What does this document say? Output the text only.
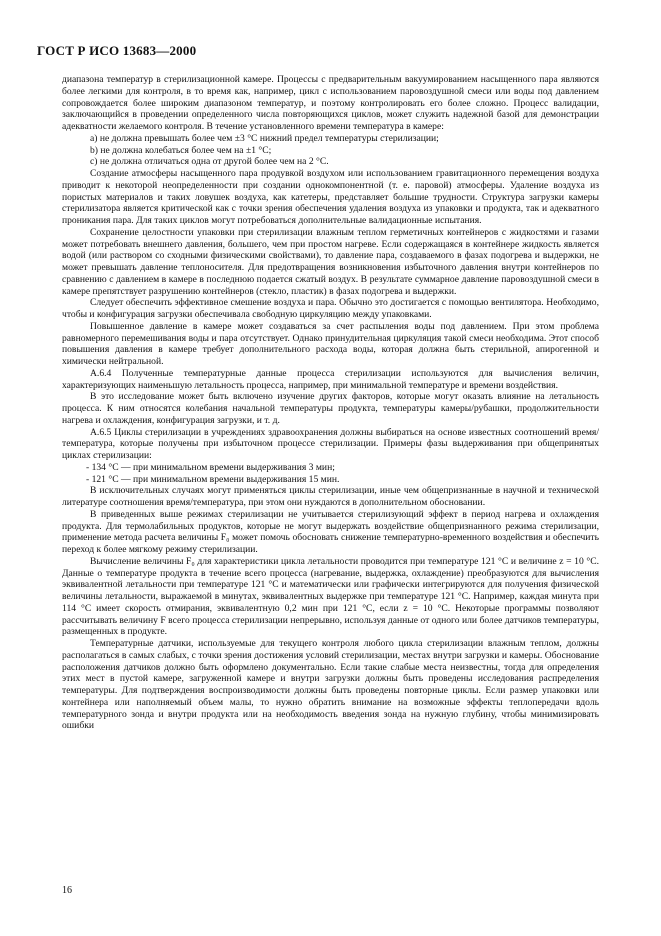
ГОСТ Р ИСО 13683—2000

диапазона температур в стерилизационной камере. Процессы с предварительным вакуумированием насыщенного пара являются более легкими для контроля, в то время как, например, цикл с использованием паровоздушной смеси или воды под давлением сопровождается более широким диапазоном температур, и поэтому контролировать его более сложно. Процесс валидации, заключающийся в проведении определенного числа повторяющихся циклов, может служить надежной базой для демонстрации адекватности желаемого контроля. В течение установленного времени температура в камере:

а) не должна превышать более чем ±3 °С нижний предел температуры стерилизации;

b) не должна колебаться более чем на ±1 °С;

c) не должна отличаться одна от другой более чем на 2 °С.

Создание атмосферы насыщенного пара продувкой воздухом или использованием гравитационного перемещения воздуха приводит к некоторой неопределенности при создании однокомпонентной (т. е. паровой) атмосферы. Удаление воздуха из пористых материалов и таких ловушек воздуха, как катетеры, представляет большие трудности. Структура загрузки камеры стерилизатора является критической как с точки зрения обеспечения удаления воздуха из упаковки и продукта, так и адекватного проникания пара. Для таких циклов могут потребоваться дополнительные валидационные испытания.

Сохранение целостности упаковки при стерилизации влажным теплом герметичных контейнеров с жидкостями и газами может потребовать внешнего давления, большего, чем при простом нагреве. Если содержащаяся в контейнере жидкость является водой (или раствором со сходными физическими свойствами), то давление пара, создаваемого в фазах подогрева и выдержки, не может превышать давление теплоносителя. Для предотвращения возникновения избыточного давления внутри контейнеров по сравнению с давлением в камере в последнюю подается сжатый воздух. В результате суммарное давление паровоздушной смеси в камере препятствует разрушению контейнеров (стекло, пластик) в фазах подогрева и выдержки.

Следует обеспечить эффективное смешение воздуха и пара. Обычно это достигается с помощью вентилятора. Необходимо, чтобы и конфигурация загрузки обеспечивала свободную циркуляцию между упаковками.

Повышенное давление в камере может создаваться за счет распыления воды под давлением. При этом проблема равномерного перемешивания воды и пара отсутствует. Однако принудительная циркуляция такой смеси необходима. Этот способ повышения давления в камере требует дополнительного расхода воды, которая должна быть стерильной, апирогенной и химически нейтральной.

А.6.4 Полученные температурные данные процесса стерилизации используются для вычисления величин, характеризующих наименьшую летальность процесса, например, при минимальной температуре и времени воздействия.

В это исследование может быть включено изучение других факторов, которые могут оказать влияние на летальность процесса. К ним относятся колебания начальной температуры продукта, температуры камеры/рубашки, продолжительности нагрева и охлаждения, конфигурация загрузки, и т. д.

А.6.5 Циклы стерилизации в учреждениях здравоохранения должны выбираться на основе известных соотношений время/температура, которые получены при избыточном процессе стерилизации. Примеры фазы выдерживания при общепринятых циклах стерилизации:

- 134 °С — при минимальном времени выдерживания 3 мин;

- 121 °С — при минимальном времени выдерживания 15 мин.

В исключительных случаях могут применяться циклы стерилизации, иные чем общепризнанные в научной и технической литературе соотношения время/температура, при этом они нуждаются в дополнительном обосновании.

В приведенных выше режимах стерилизации не учитывается стерилизующий эффект в период нагрева и охлаждения продукта. Для термолабильных продуктов, которые не могут выдержать воздействие общепризнанного режима стерилизации, применение метода расчета величины F₀ может помочь обосновать снижение температурно-временного воздействия и обеспечить переход к более мягкому режиму стерилизации.

Вычисление величины F₀ для характеристики цикла летальности проводится при температуре 121 °С и величине z = 10 °С. Данные о температуре продукта в течение всего процесса (нагревание, выдержка, охлаждение) преобразуются для вычисления эквивалентной летальности при температуре 121 °С и математически или графически интегрируются для получения физической величины летальности, выражаемой в минутах, эквивалентных выдержке при температуре 121 °С. Например, каждая минута при 114 °С имеет скорость отмирания, эквивалентную 0,2 мин при 121 °С, если z = 10 °С. Некоторые программы позволяют рассчитывать величину F всего процесса стерилизации непрерывно, используя данные от одного или более датчиков температуры, размещенных в продукте.

Температурные датчики, используемые для текущего контроля любого цикла стерилизации влажным теплом, должны располагаться в самых слабых, с точки зрения достижения условий стерилизации, местах внутри загрузки и камеры. Обоснование расположения датчиков должно быть оформлено документально. Если такие слабые места неизвестны, тогда для определения этих мест в пустой камере, загруженной камере и внутри загрузки должны быть проведены исследования распределения температуры. Для подтверждения воспроизводимости должны быть проведены повторные циклы. Если размер упаковки или контейнера или наполняемый объем малы, то нужно обратить внимание на возможные эффекты теплопередачи вдоль температурного зонда и внутри продукта или на необходимость введения зонда на нужную глубину, чтобы минимизировать ошибки

16
